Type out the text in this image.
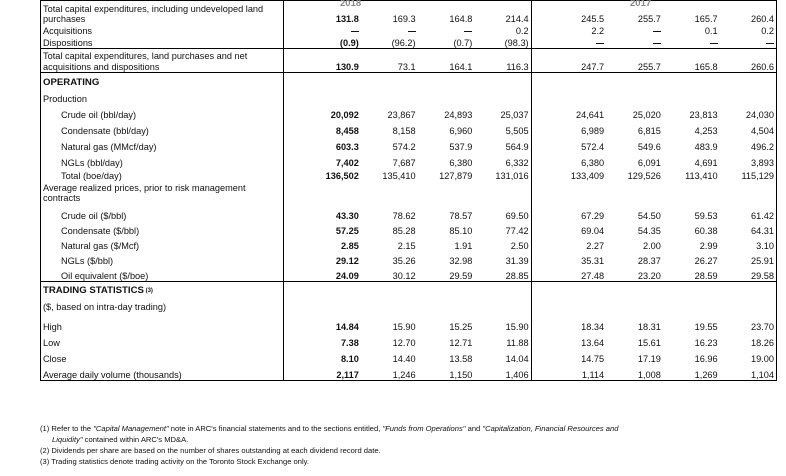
2018	2017
Total capital expenditures, including undeveloped land purchases		131.8	169.3	164.8	214.4		245.5	255.7	165.7	260.4
Acquisitions					0.2		2.2		0.1	0.2
Dispositions		(0.9)	(96.2)	(0.7)	(98.3)					
Total capital expenditures, land purchases and net acquisitions and dispositions		130.9	73.1	164.1	116.3		247.7	255.7	165.8	260.6
OPERATING										
Production										
Crude oil (bbl/day)		20,092	23,867	24,893	25,037		24,641	25,020	23,813	24,030
Condensate (bbl/day)		8,458	8,158	6,960	5,505		6,989	6,815	4,253	4,504
Natural gas (MMcf/day)		603.3	574.2	537.9	564.9		572.4	549.6	483.9	496.2
NGLs (bbl/day)		7,402	7,687	6,380	6,332		6,380	6,091	4,691	3,893
Total (boe/day)		136,502	135,410	127,879	131,016		133,409	129,526	113,410	115,129
Average realized prices, prior to risk management contracts										
Crude oil ($/bbl)		43.30	78.62	78.57	69.50		67.29	54.50	59.53	61.42
Condensate ($/bbl)		57.25	85.28	85.10	77.42		69.04	54.35	60.38	64.31
Natural gas ($/Mcf)		2.85	2.15	1.91	2.50		2.27	2.00	2.99	3.10
NGLs ($/bbl)		29.12	35.26	32.98	31.39		35.31	28.37	26.27	25.91
Oil equivalent ($/boe)		24.09	30.12	29.59	28.85		27.48	23.20	28.59	29.58
TRADING STATISTICS $^{(3)}$										
($, based on intra-day trading)										
High		14.84	15.90	15.25	15.90		18.34	18.31	19.55	23.70
Low		7.38	12.70	12.71	11.88		13.64	15.61	16.23	18.26
Close		8.10	14.40	13.58	14.04		14.75	17.19	16.96	19.00
Average daily volume (thousands)		2,117	1,246	1,150	1,406		1,114	1,008	1,269	1,104
(1) Refer to the "Capital Management" note in ARC's financial statements and to the sections entitled, "Funds from Operations" and "Capitalization, Financial Resources and
Liquidity" contained within ARC's MD&A.
(2) Dividends per share are based on the number of shares outstanding at each dividend record date.
(3) Trading statistics denote trading activity on the Toronto Stock Exchange only.
